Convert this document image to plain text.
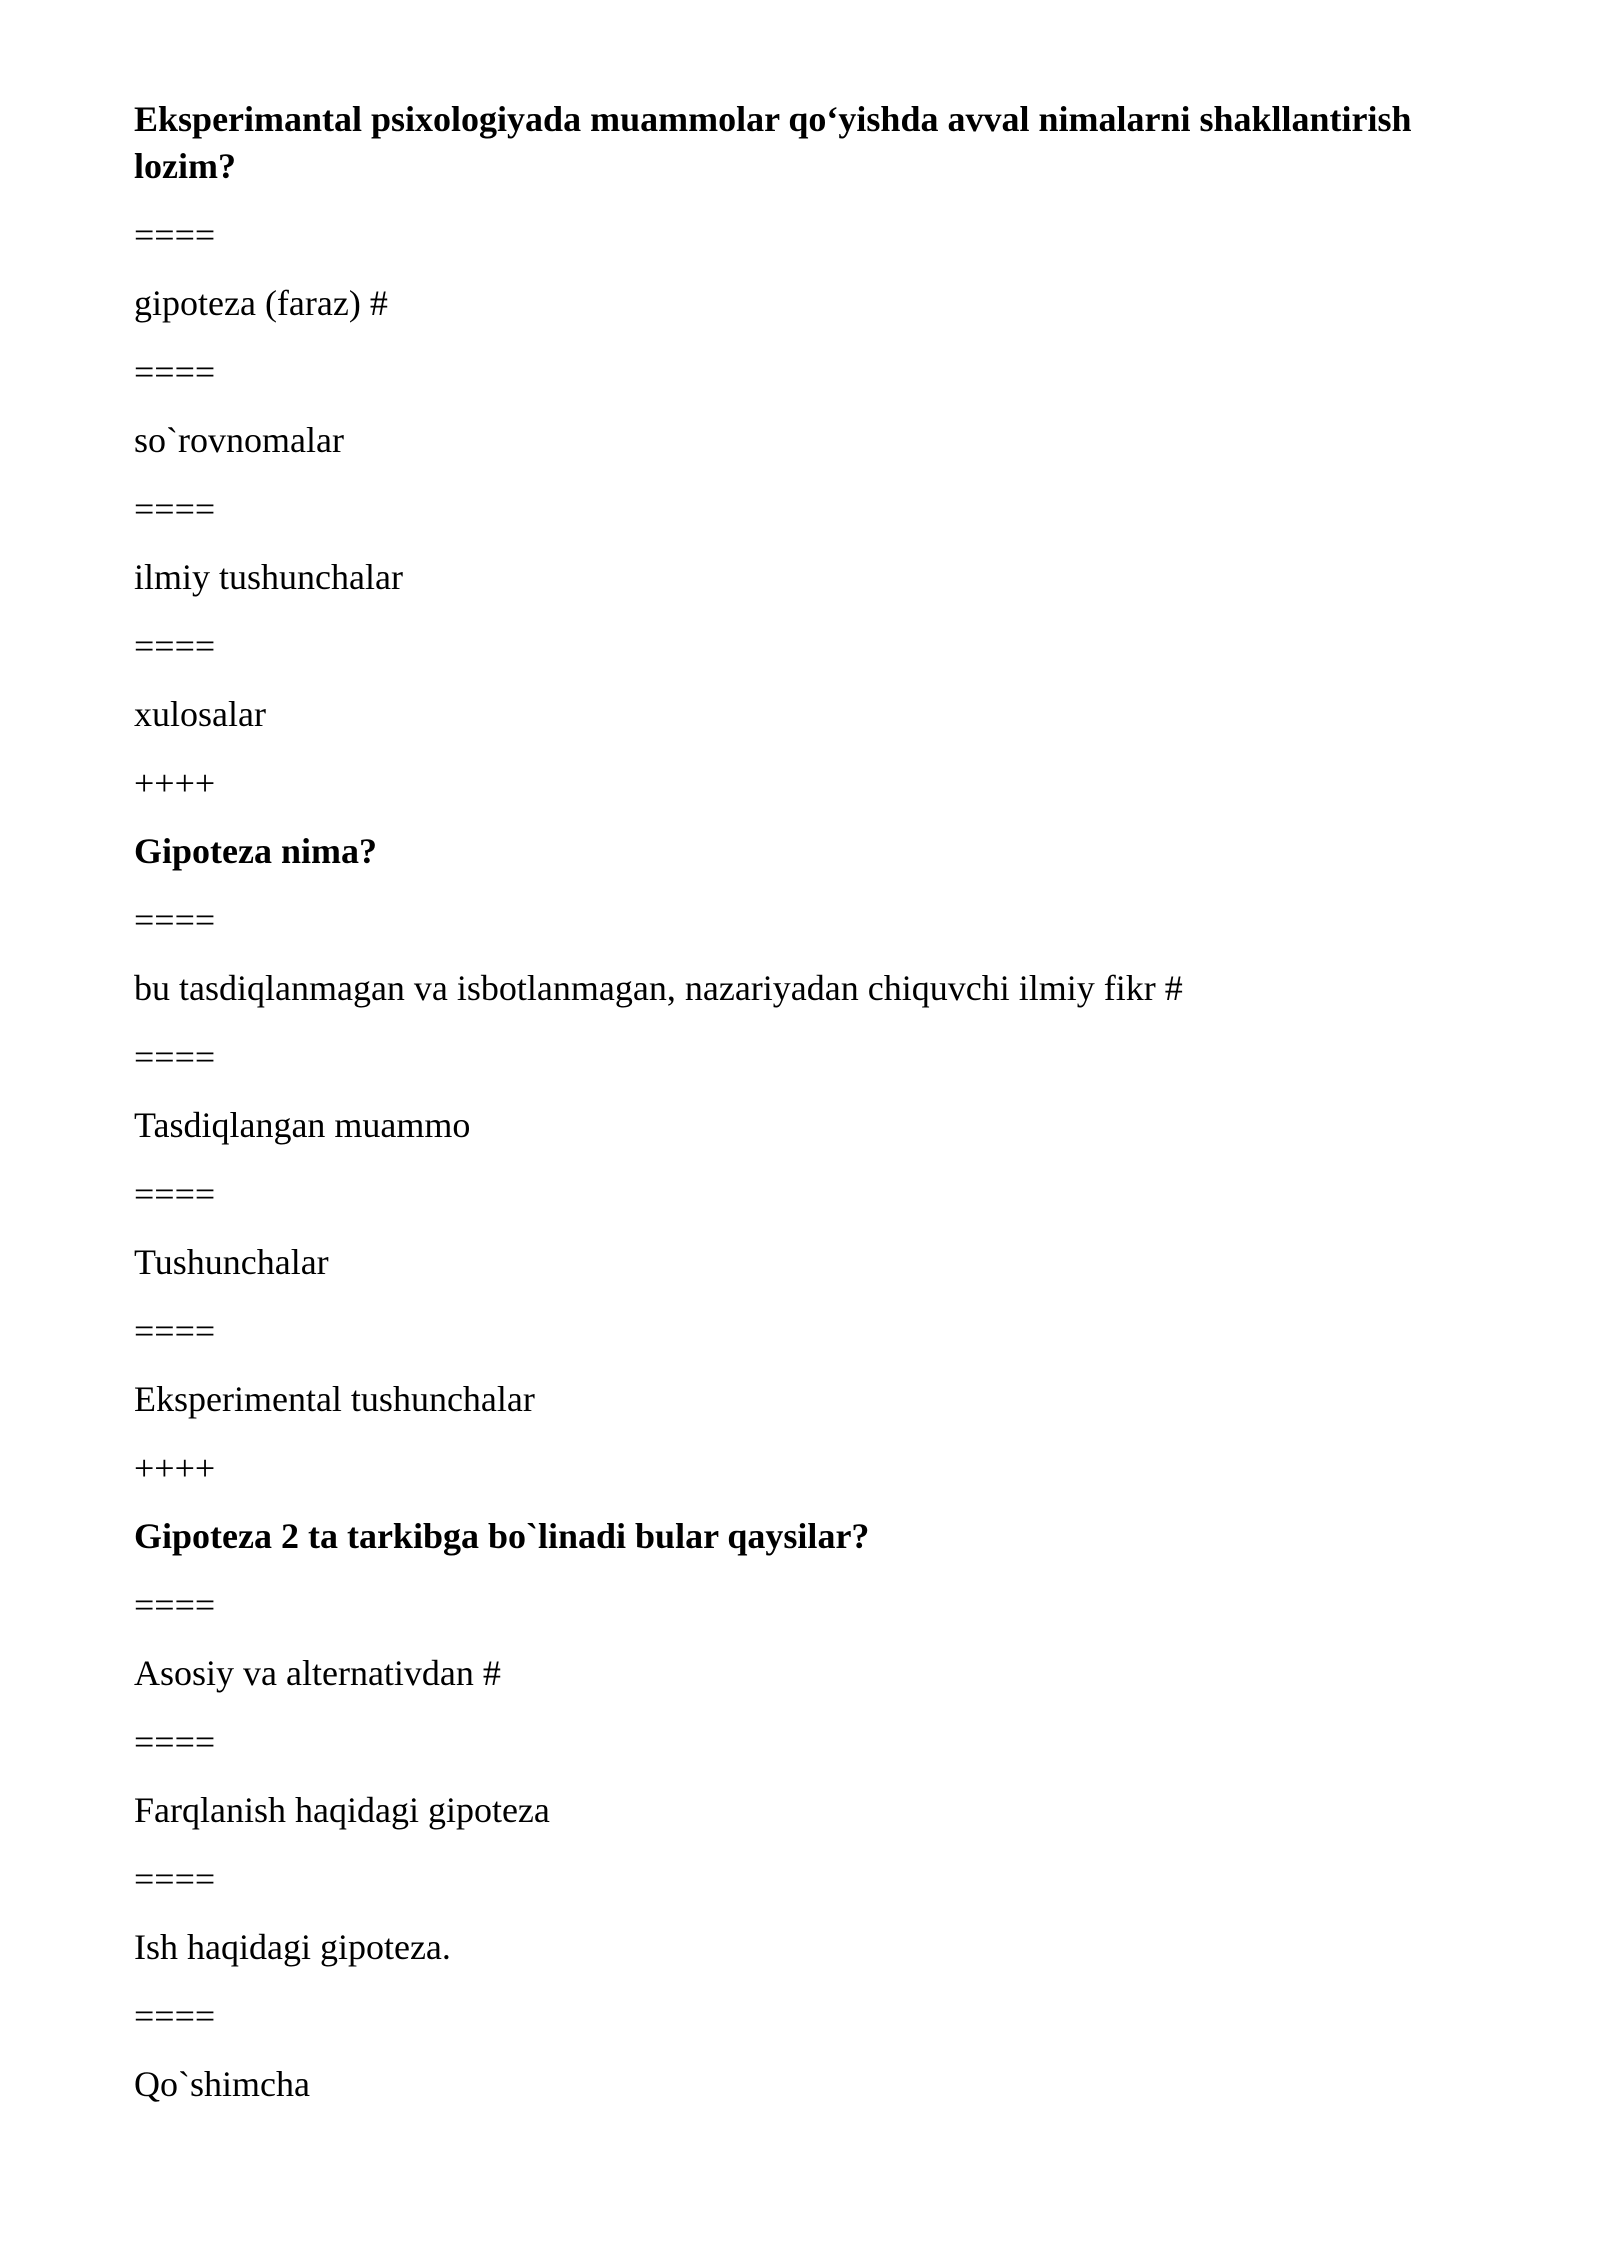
Eksperimantal psixologiyada muammolar qo‘yishda avval nimalarni shakllantirish lozim?

====

gipoteza (faraz) #

====

so`rovnomalar

====

ilmiy tushunchalar

====

xulosalar

++++

Gipoteza nima?

====

bu tasdiqlanmagan va isbotlanmagan, nazariyadan chiquvchi ilmiy fikr #

====

Tasdiqlangan muammo

====

Tushunchalar

====

Eksperimental tushunchalar

++++

Gipoteza 2 ta tarkibga bo`linadi bular qaysilar?

====

Asosiy va alternativdan #

====

Farqlanish haqidagi gipoteza

====

Ish haqidagi gipoteza.

====

Qo`shimcha
